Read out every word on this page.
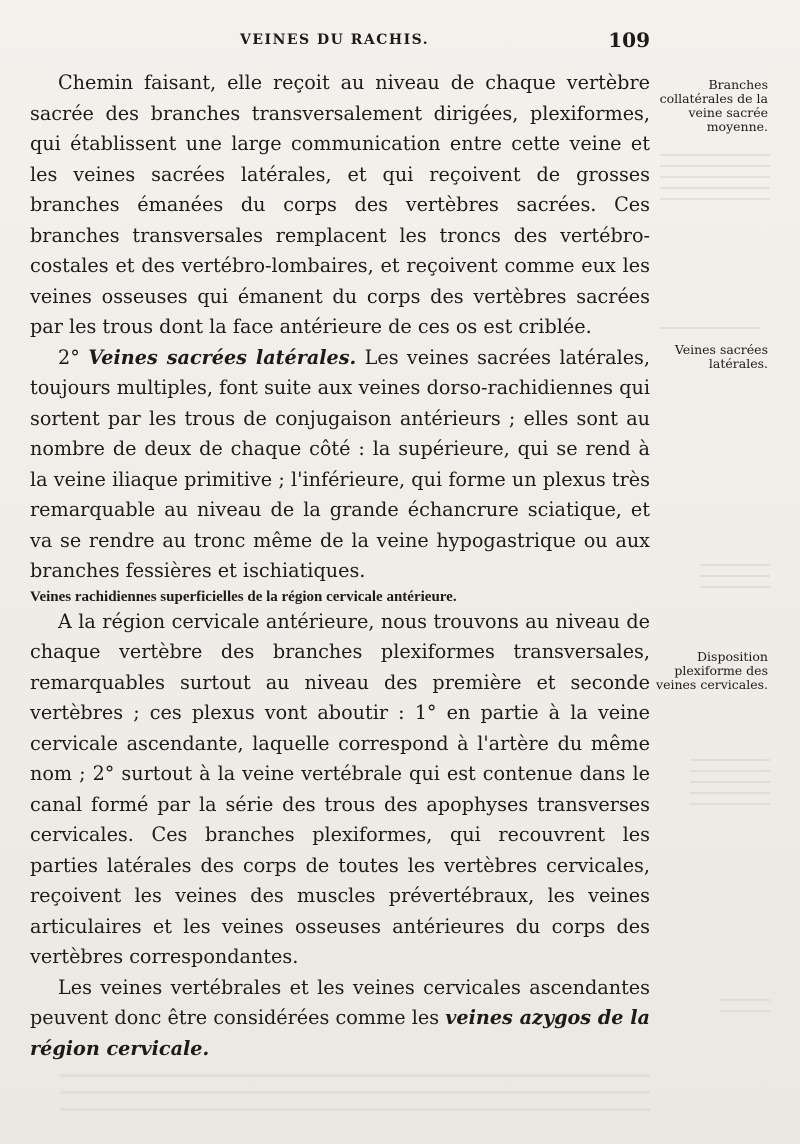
VEINES DU RACHIS.	109

Chemin faisant, elle reçoit au niveau de chaque vertèbre sacrée des branches transversalement dirigées, plexiformes, qui établissent une large communication entre cette veine et les veines sacrées latérales, et qui reçoivent de grosses branches émanées du corps des vertèbres sacrées. Ces branches transversales remplacent les troncs des vertébro-costales et des vertébro-lombaires, et reçoivent comme eux les veines osseuses qui émanent du corps des vertèbres sacrées par les trous dont la face antérieure de ces os est criblée.

2° Veines sacrées latérales. Les veines sacrées latérales, toujours multiples, font suite aux veines dorso-rachidiennes qui sortent par les trous de conjugaison antérieurs ; elles sont au nombre de deux de chaque côté : la supérieure, qui se rend à la veine iliaque primitive ; l'inférieure, qui forme un plexus très remarquable au niveau de la grande échancrure sciatique, et va se rendre au tronc même de la veine hypogastrique ou aux branches fessières et ischiatiques.

Veines rachidiennes superficielles de la région cervicale antérieure.

A la région cervicale antérieure, nous trouvons au niveau de chaque vertèbre des branches plexiformes transversales, remarquables surtout au niveau des première et seconde vertèbres ; ces plexus vont aboutir : 1° en partie à la veine cervicale ascendante, laquelle correspond à l'artère du même nom ; 2° surtout à la veine vertébrale qui est contenue dans le canal formé par la série des trous des apophyses transverses cervicales. Ces branches plexiformes, qui recouvrent les parties latérales des corps de toutes les vertèbres cervicales, reçoivent les veines des muscles prévertébraux, les veines articulaires et les veines osseuses antérieures du corps des vertèbres correspondantes.

Les veines vertébrales et les veines cervicales ascendantes peuvent donc être considérées comme les veines azygos de la région cervicale.

Branches collatérales de la veine sacrée moyenne.
Veines sacrées latérales.
Disposition plexiforme des veines cervicales.
